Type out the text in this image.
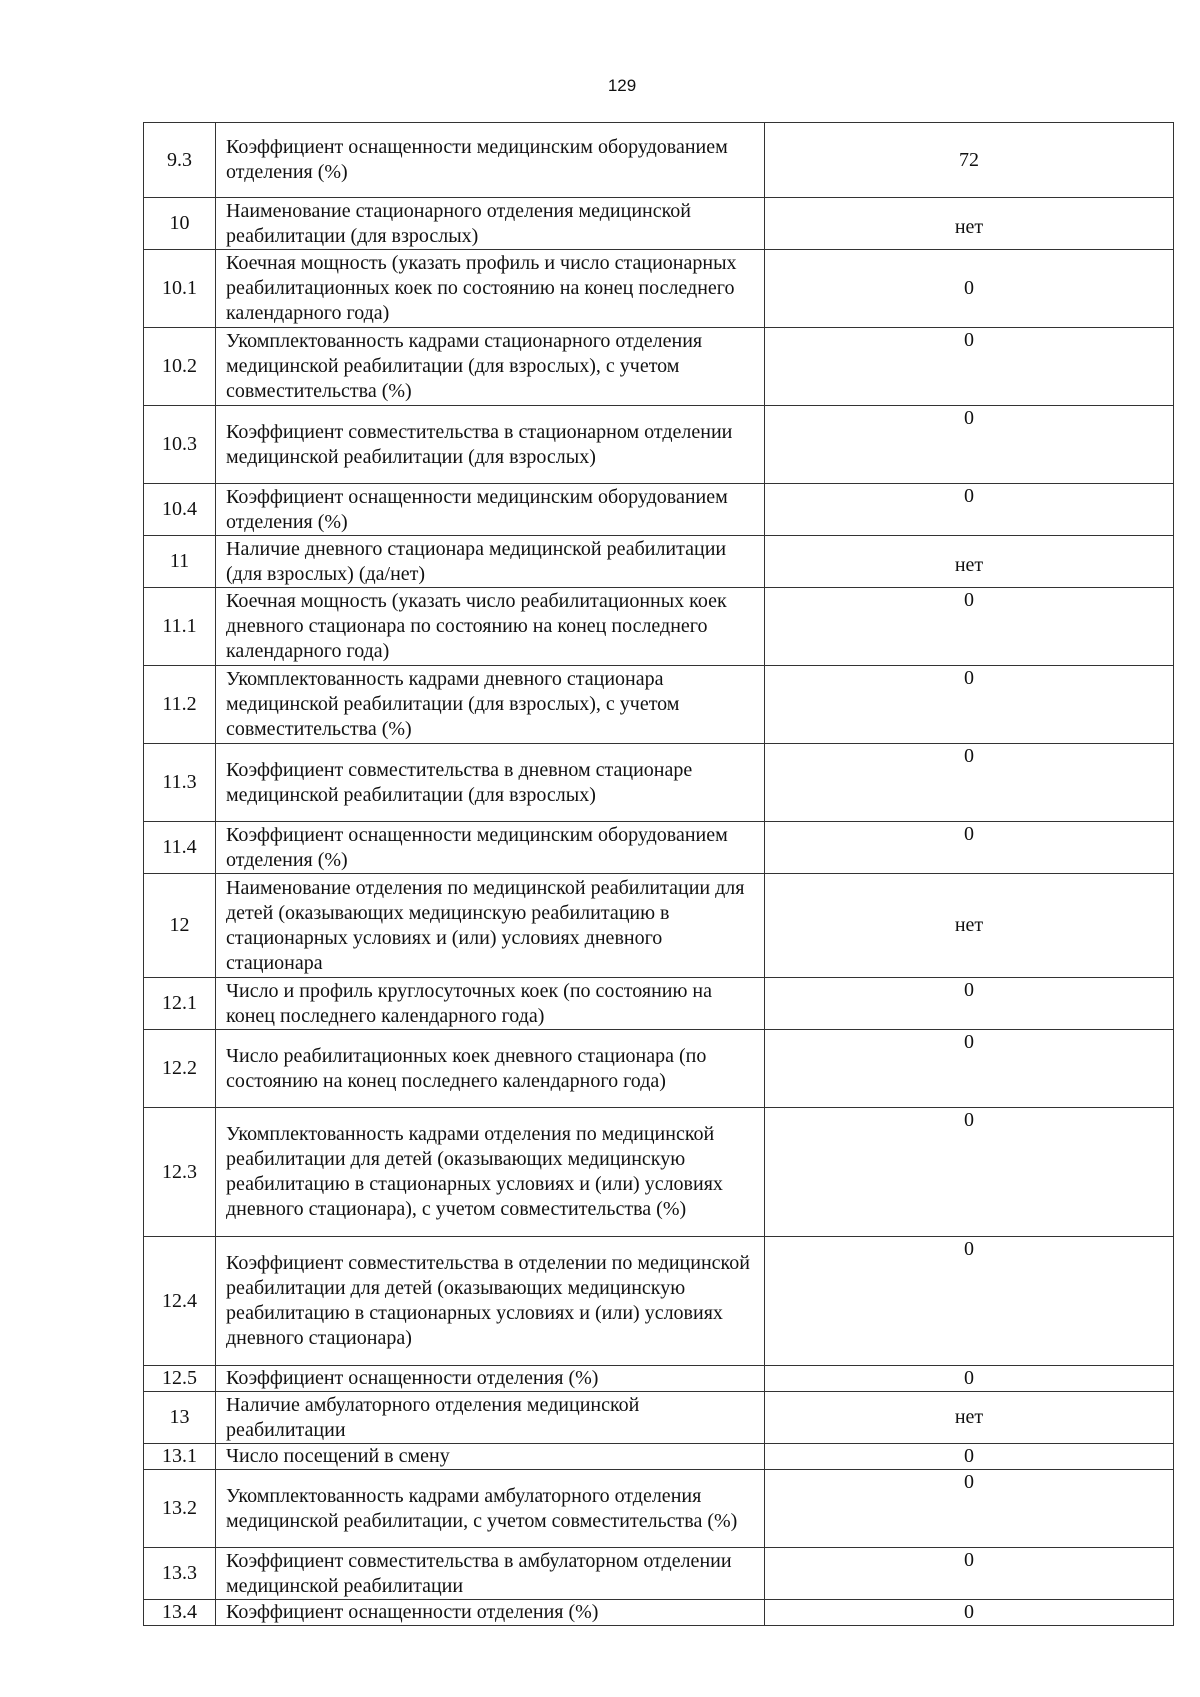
129
9.3	Коэффициент оснащенности медицинским оборудованием отделения (%)	72
10	Наименование стационарного отделения медицинской реабилитации (для взрослых)	нет
10.1	Коечная мощность (указать профиль и число стационарных реабилитационных коек по состоянию на конец последнего календарного года)	0
10.2	Укомплектованность кадрами стационарного отделения медицинской реабилитации (для взрослых), с учетом совместительства (%)	0
10.3	Коэффициент совместительства в стационарном отделении медицинской реабилитации (для взрослых)	0
10.4	Коэффициент оснащенности медицинским оборудованием отделения (%)	0
11	Наличие дневного стационара медицинской реабилитации (для взрослых) (да/нет)	нет
11.1	Коечная мощность (указать число реабилитационных коек дневного стационара по состоянию на конец последнего календарного года)	0
11.2	Укомплектованность кадрами дневного стационара медицинской реабилитации (для взрослых), с учетом совместительства (%)	0
11.3	Коэффициент совместительства в дневном стационаре медицинской реабилитации (для взрослых)	0
11.4	Коэффициент оснащенности медицинским оборудованием отделения (%)	0
12	Наименование отделения по медицинской реабилитации для детей (оказывающих медицинскую реабилитацию в стационарных условиях и (или) условиях дневного стационара	нет
12.1	Число и профиль круглосуточных коек (по состоянию на конец последнего календарного года)	0
12.2	Число реабилитационных коек дневного стационара (по состоянию на конец последнего календарного года)	0
12.3	Укомплектованность кадрами отделения по медицинской реабилитации для детей (оказывающих медицинскую реабилитацию в стационарных условиях и (или) условиях дневного стационара), с учетом совместительства (%)	0
12.4	Коэффициент совместительства в отделении по медицинской реабилитации для детей (оказывающих медицинскую реабилитацию в стационарных условиях и (или) условиях дневного стационара)	0
12.5	Коэффициент оснащенности отделения (%)	0
13	Наличие амбулаторного отделения медицинской реабилитации	нет
13.1	Число посещений в смену	0
13.2	Укомплектованность кадрами амбулаторного отделения медицинской реабилитации, с учетом совместительства (%)	0
13.3	Коэффициент совместительства в амбулаторном отделении медицинской реабилитации	0
13.4	Коэффициент оснащенности отделения (%)	0
